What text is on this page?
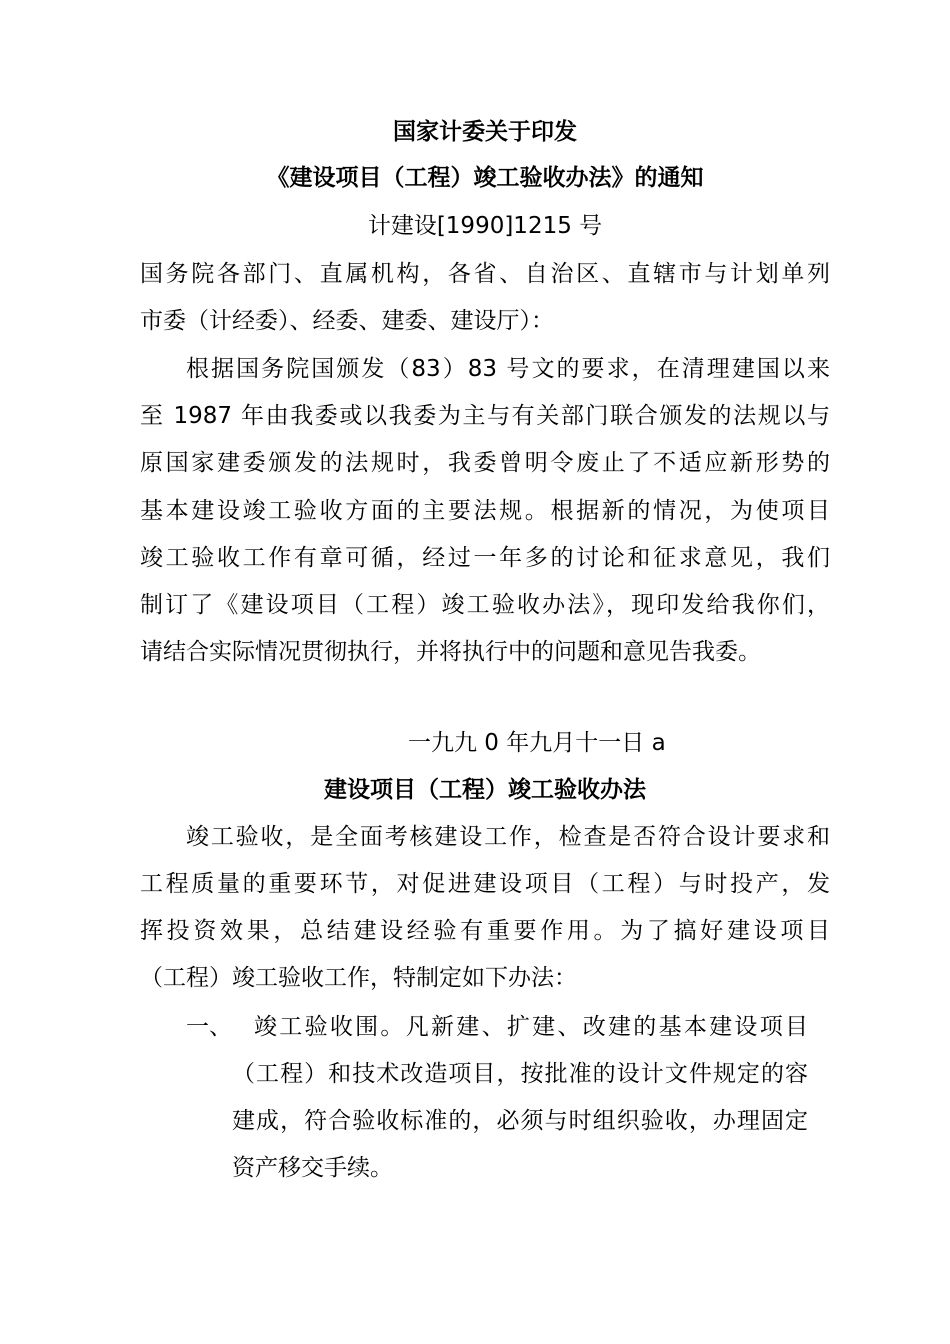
国家计委关于印发
《建设项目（工程）竣工验收办法》的通知
计建设[1990]1215 号
国务院各部门、直属机构，各省、自治区、直辖市与计划单列
市委（计经委）、经委、建委、建设厅）：
根据国务院国颁发（83）83 号文的要求，在清理建国以来
至 1987 年由我委或以我委为主与有关部门联合颁发的法规以与
原国家建委颁发的法规时，我委曾明令废止了不适应新形势的
基本建设竣工验收方面的主要法规。根据新的情况，为使项目
竣工验收工作有章可循，经过一年多的讨论和征求意见，我们
制订了《建设项目（工程）竣工验收办法》，现印发给我你们，
请结合实际情况贯彻执行，并将执行中的问题和意见告我委。
一九九 0 年九月十一日 a
建设项目（工程）竣工验收办法
竣工验收，是全面考核建设工作，检查是否符合设计要求和
工程质量的重要环节，对促进建设项目（工程）与时投产，发
挥投资效果，总结建设经验有重要作用。为了搞好建设项目
（工程）竣工验收工作，特制定如下办法：
一、 竣工验收围。凡新建、扩建、改建的基本建设项目
（工程）和技术改造项目，按批准的设计文件规定的容
建成，符合验收标准的，必须与时组织验收，办理固定
资产移交手续。
